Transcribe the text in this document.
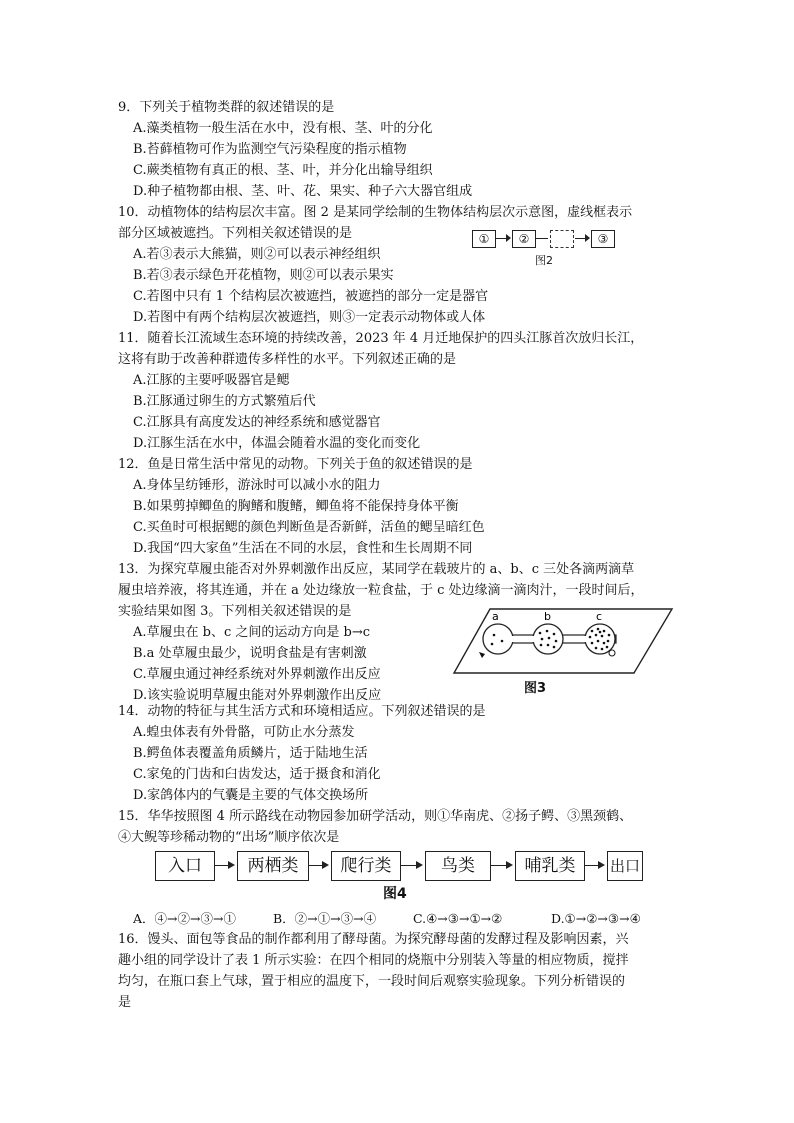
9．下列关于植物类群的叙述错误的是
A.藻类植物一般生活在水中，没有根、茎、叶的分化
B.苔藓植物可作为监测空气污染程度的指示植物
C.蕨类植物有真正的根、茎、叶，并分化出输导组织
D.种子植物都由根、茎、叶、花、果实、种子六大器官组成
10．动植物体的结构层次丰富。图 2 是某同学绘制的生物体结构层次示意图，虚线框表示
部分区域被遮挡。下列相关叙述错误的是
A.若③表示大熊猫，则②可以表示神经组织
B.若③表示绿色开花植物，则②可以表示果实
C.若图中只有 1 个结构层次被遮挡，被遮挡的部分一定是器官
D.若图中有两个结构层次被遮挡，则③一定表示动物体或人体
①	②	③
图2
11．随着长江流域生态环境的持续改善，2023 年 4 月迁地保护的四头江豚首次放归长江，
这将有助于改善种群遗传多样性的水平。下列叙述正确的是
A.江豚的主要呼吸器官是鳃
B.江豚通过卵生的方式繁殖后代
C.江豚具有高度发达的神经系统和感觉器官
D.江豚生活在水中，体温会随着水温的变化而变化
12．鱼是日常生活中常见的动物。下列关于鱼的叙述错误的是
A.身体呈纺锤形，游泳时可以减小水的阻力
B.如果剪掉鲫鱼的胸鳍和腹鳍，鲫鱼将不能保持身体平衡
C.买鱼时可根据鳃的颜色判断鱼是否新鲜，活鱼的鳃呈暗红色
D.我国“四大家鱼”生活在不同的水层，食性和生长周期不同
13．为探究草履虫能否对外界刺激作出反应，某同学在载玻片的 a、b、c 三处各滴两滴草
履虫培养液，将其连通，并在 a 处边缘放一粒食盐，于 c 处边缘滴一滴肉汁，一段时间后，
实验结果如图 3。下列相关叙述错误的是
A.草履虫在 b、c 之间的运动方向是 b→c
B.a 处草履虫最少，说明食盐是有害刺激
C.草履虫通过神经系统对外界刺激作出反应
D.该实验说明草履虫能对外界刺激作出反应
a	b	c
图3
14．动物的特征与其生活方式和环境相适应。下列叙述错误的是
A.蝗虫体表有外骨骼，可防止水分蒸发
B.鳄鱼体表覆盖角质鳞片，适于陆地生活
C.家兔的门齿和臼齿发达，适于摄食和消化
D.家鸽体内的气囊是主要的气体交换场所
15．华华按照图 4 所示路线在动物园参加研学活动，则①华南虎、②扬子鳄、③黑颈鹤、
④大鲵等珍稀动物的“出场”顺序依次是
入口	两栖类	爬行类	鸟类	哺乳类	出口
图4
A．④→②→③→①	B．②→①→③→④	C.④→③→①→②	D.①→②→③→④
16．馒头、面包等食品的制作都利用了酵母菌。为探究酵母菌的发酵过程及影响因素，兴
趣小组的同学设计了表 1 所示实验：在四个相同的烧瓶中分别装入等量的相应物质，搅拌
均匀，在瓶口套上气球，置于相应的温度下，一段时间后观察实验现象。下列分析错误的
是
